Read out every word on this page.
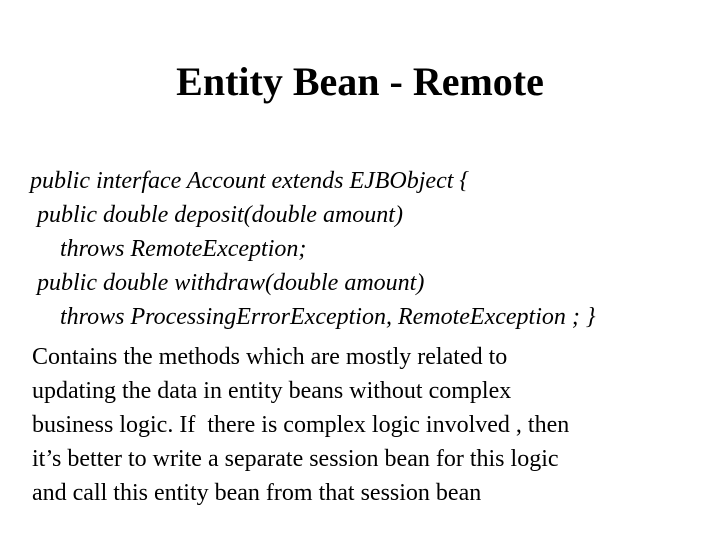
Entity Bean - Remote
public interface Account extends EJBObject {
public double deposit(double amount)
throws RemoteException;
public double withdraw(double amount)
throws ProcessingErrorException, RemoteException ; }
Contains the methods which are mostly related to
updating the data in entity beans without complex
business logic. If  there is complex logic involved , then
it’s better to write a separate session bean for this logic
and call this entity bean from that session bean
